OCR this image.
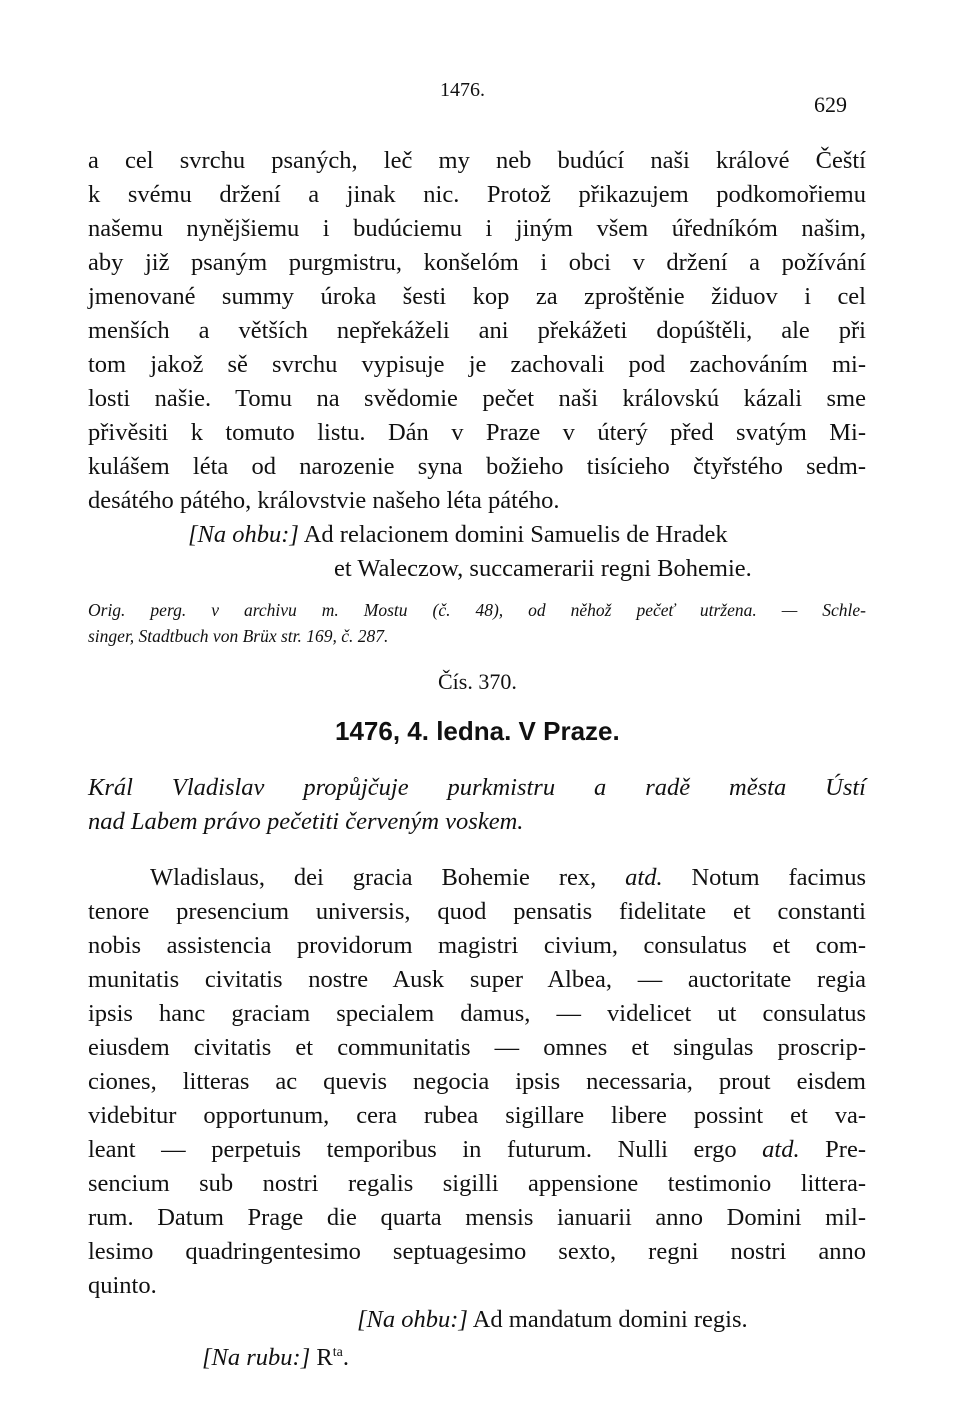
1476.
629
a cel svrchu psaných, leč my neb budúcí naši králové Čeští
k svému držení a jinak nic. Protož přikazujem podkomořiemu
našemu nynějšiemu i budúciemu i jiným všem úředníkóm našim,
aby již psaným purgmistru, konšelóm i obci v držení a požívání
jmenované summy úroka šesti kop za zproštěnie židuov i cel
menších a větších nepřekáželi ani překážeti dopúštěli, ale při
tom jakož sě svrchu vypisuje je zachovali pod zachováním mi-
losti našie. Tomu na svědomie pečet naši královskú kázali sme
přivěsiti k tomuto listu. Dán v Praze v úterý před svatým Mi-
kulášem léta od narozenie syna božieho tisícieho čtyřstého sedm-
desátého pátého, královstvie našeho léta pátého.
[Na ohbu:] Ad relacionem domini Samuelis de Hradek
et Waleczow, succamerarii regni Bohemie.
Orig. perg. v archivu m. Mostu (č. 48), od něhož pečeť utržena. — Schle-
singer, Stadtbuch von Brüx str. 169, č. 287.
Čís. 370.
1476, 4. ledna. V Praze.
Král Vladislav propůjčuje purkmistru a radě města Ústí
nad Labem právo pečetiti červeným voskem.
Wladislaus, dei gracia Bohemie rex, atd. Notum facimus
tenore presencium universis, quod pensatis fidelitate et constanti
nobis assistencia providorum magistri civium, consulatus et com-
munitatis civitatis nostre Ausk super Albea, — auctoritate regia
ipsis hanc graciam specialem damus, — videlicet ut consulatus
eiusdem civitatis et communitatis — omnes et singulas proscrip-
ciones, litteras ac quevis negocia ipsis necessaria, prout eisdem
videbitur opportunum, cera rubea sigillare libere possint et va-
leant — perpetuis temporibus in futurum. Nulli ergo atd. Pre-
sencium sub nostri regalis sigilli appensione testimonio littera-
rum. Datum Prage die quarta mensis ianuarii anno Domini mil-
lesimo quadringentesimo septuagesimo sexto, regni nostri anno
quinto.
[Na ohbu:] Ad mandatum domini regis.
[Na rubu:] $R^{ta}$.
